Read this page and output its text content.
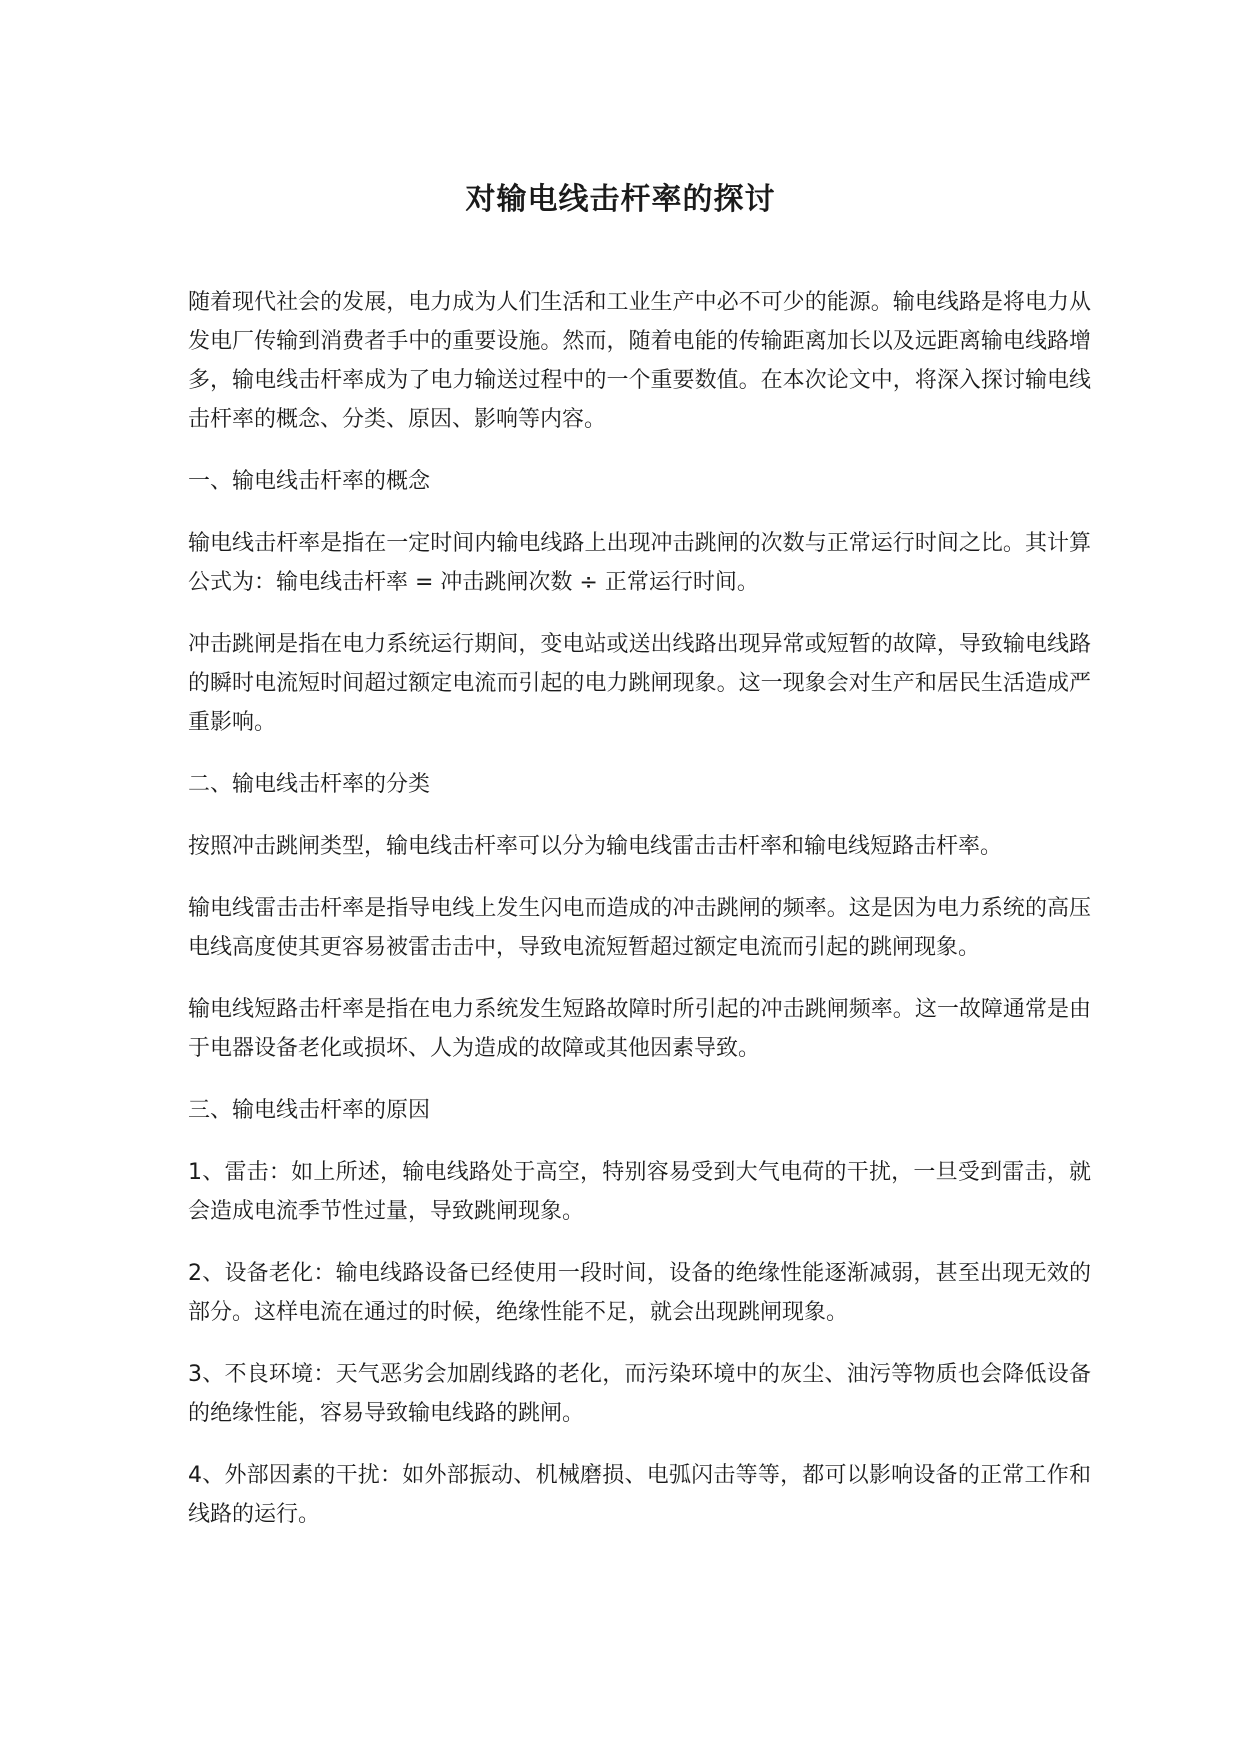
对输电线击杆率的探讨

随着现代社会的发展，电力成为人们生活和工业生产中必不可少的能源。输电线路是将电力从发电厂传输到消费者手中的重要设施。然而，随着电能的传输距离加长以及远距离输电线路增多，输电线击杆率成为了电力输送过程中的一个重要数值。在本次论文中，将深入探讨输电线击杆率的概念、分类、原因、影响等内容。

一、输电线击杆率的概念

输电线击杆率是指在一定时间内输电线路上出现冲击跳闸的次数与正常运行时间之比。其计算公式为：输电线击杆率 = 冲击跳闸次数 ÷ 正常运行时间。

冲击跳闸是指在电力系统运行期间，变电站或送出线路出现异常或短暂的故障，导致输电线路的瞬时电流短时间超过额定电流而引起的电力跳闸现象。这一现象会对生产和居民生活造成严重影响。

二、输电线击杆率的分类

按照冲击跳闸类型，输电线击杆率可以分为输电线雷击击杆率和输电线短路击杆率。

输电线雷击击杆率是指导电线上发生闪电而造成的冲击跳闸的频率。这是因为电力系统的高压电线高度使其更容易被雷击击中，导致电流短暂超过额定电流而引起的跳闸现象。

输电线短路击杆率是指在电力系统发生短路故障时所引起的冲击跳闸频率。这一故障通常是由于电器设备老化或损坏、人为造成的故障或其他因素导致。

三、输电线击杆率的原因

1、雷击：如上所述，输电线路处于高空，特别容易受到大气电荷的干扰，一旦受到雷击，就会造成电流季节性过量，导致跳闸现象。

2、设备老化：输电线路设备已经使用一段时间，设备的绝缘性能逐渐减弱，甚至出现无效的部分。这样电流在通过的时候，绝缘性能不足，就会出现跳闸现象。

3、不良环境：天气恶劣会加剧线路的老化，而污染环境中的灰尘、油污等物质也会降低设备的绝缘性能，容易导致输电线路的跳闸。

4、外部因素的干扰：如外部振动、机械磨损、电弧闪击等等，都可以影响设备的正常工作和线路的运行。
